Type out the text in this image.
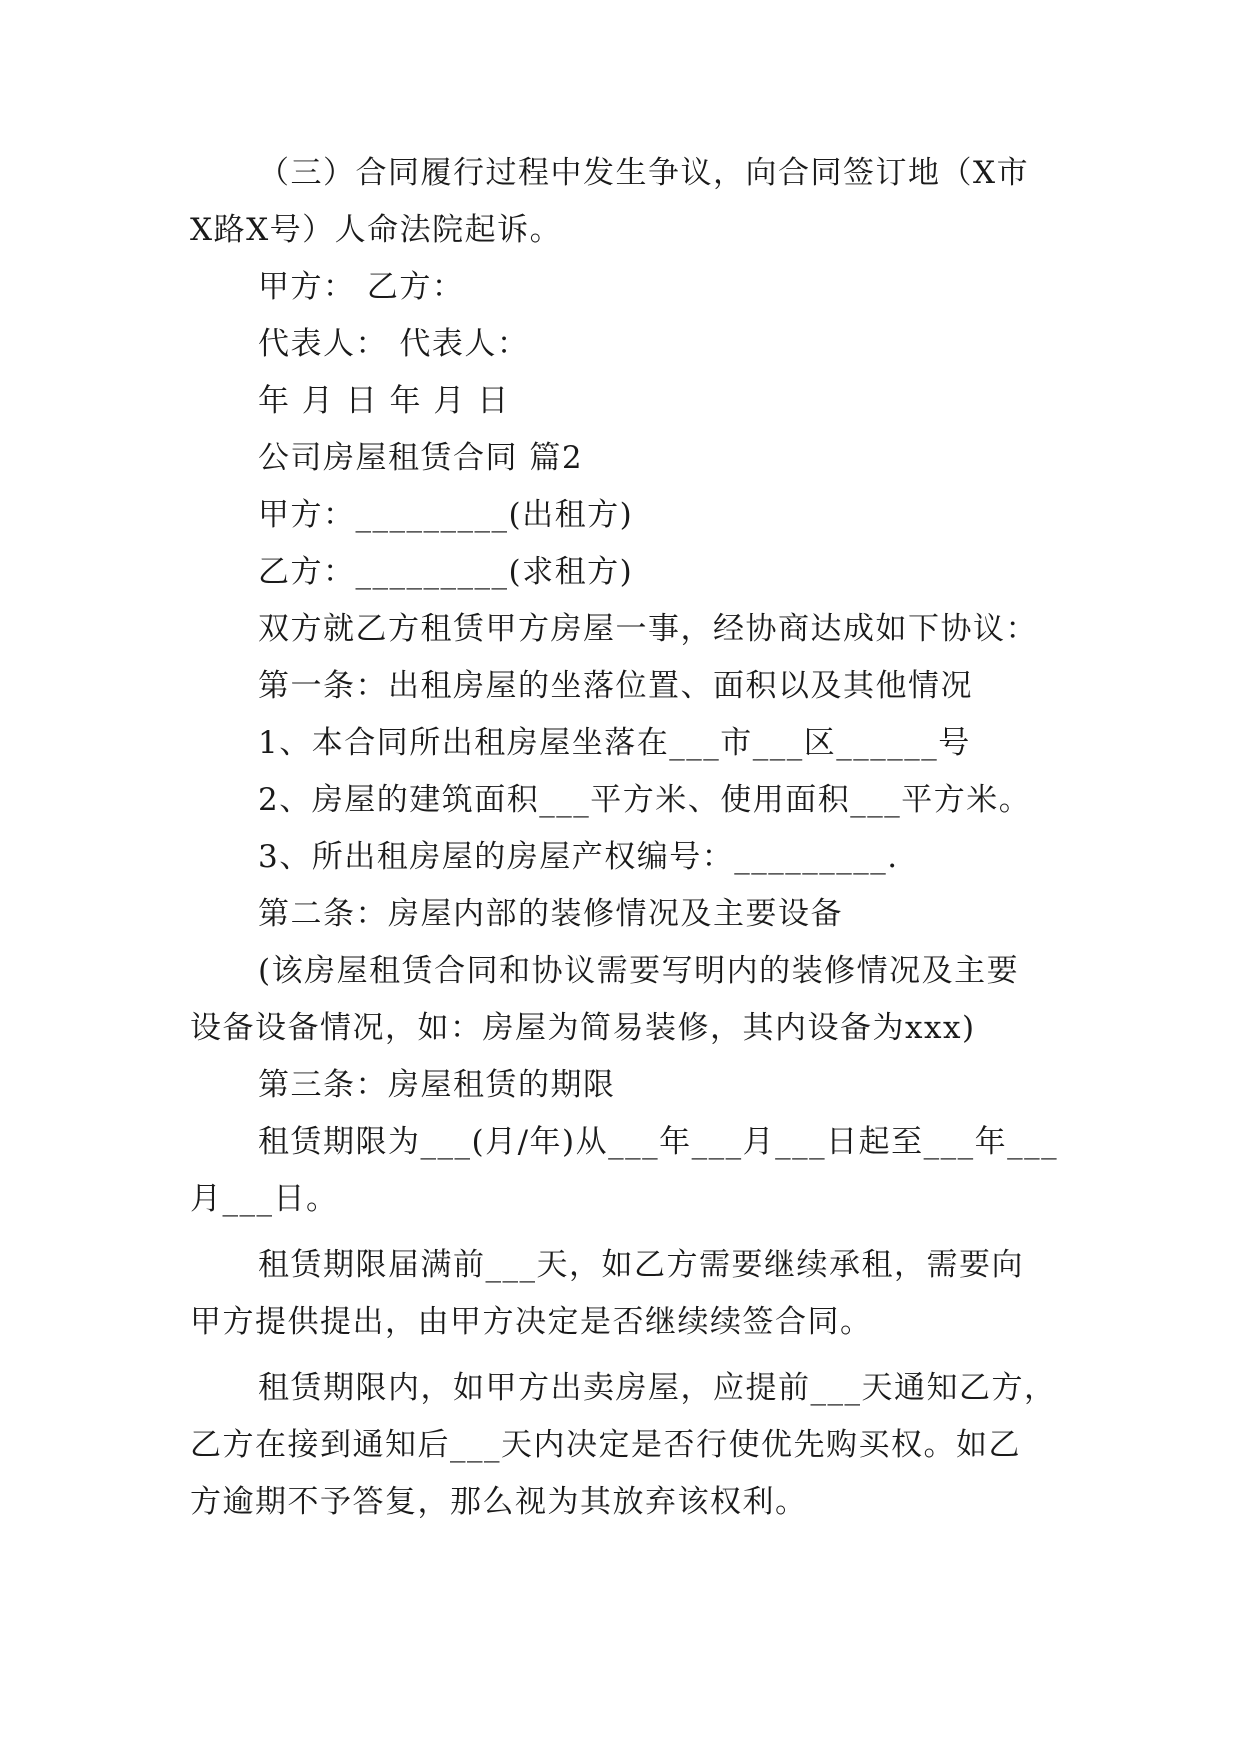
（三）合同履行过程中发生争议，向合同签订地（X市
X路X号）人命法院起诉。
甲方： 乙方：
代表人： 代表人：
年 月 日 年 月 日
公司房屋租赁合同 篇2
甲方：_________(出租方)
乙方：_________(求租方)
双方就乙方租赁甲方房屋一事，经协商达成如下协议：
第一条：出租房屋的坐落位置、面积以及其他情况
1、本合同所出租房屋坐落在___市___区______号
2、房屋的建筑面积___平方米、使用面积___平方米。
3、所出租房屋的房屋产权编号：_________.
第二条：房屋内部的装修情况及主要设备
(该房屋租赁合同和协议需要写明内的装修情况及主要
设备设备情况，如：房屋为简易装修，其内设备为xxx)
第三条：房屋租赁的期限
租赁期限为___(月/年)从___年___月___日起至___年___
月___日。
租赁期限届满前___天，如乙方需要继续承租，需要向
甲方提供提出，由甲方决定是否继续续签合同。
租赁期限内，如甲方出卖房屋，应提前___天通知乙方，
乙方在接到通知后___天内决定是否行使优先购买权。如乙
方逾期不予答复，那么视为其放弃该权利。
